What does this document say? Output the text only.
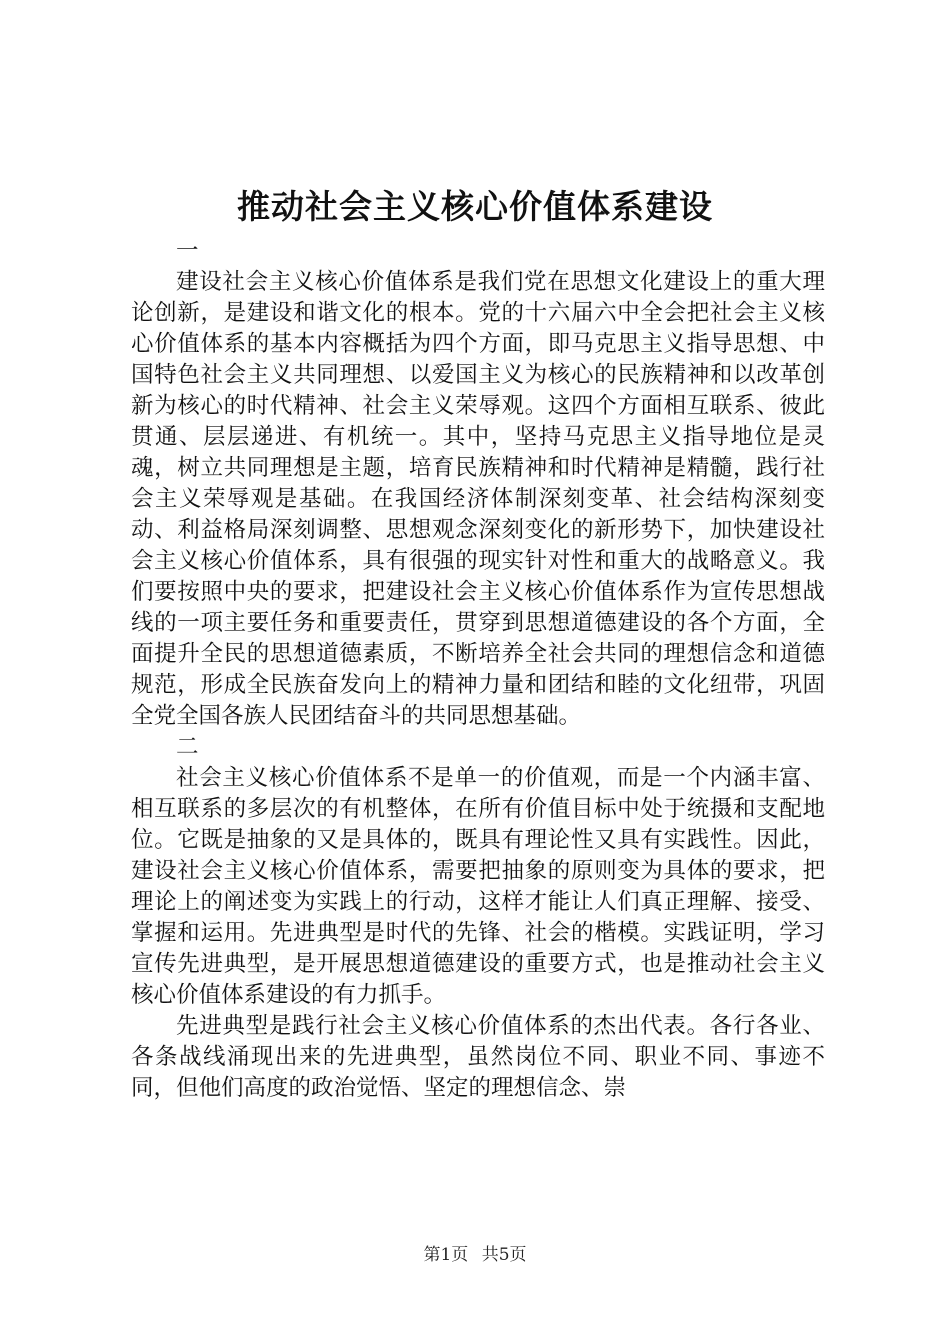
推动社会主义核心价值体系建设

一

建设社会主义核心价值体系是我们党在思想文化建设上的重大理论创新，是建设和谐文化的根本。党的十六届六中全会把社会主义核心价值体系的基本内容概括为四个方面，即马克思主义指导思想、中国特色社会主义共同理想、以爱国主义为核心的民族精神和以改革创新为核心的时代精神、社会主义荣辱观。这四个方面相互联系、彼此贯通、层层递进、有机统一。其中，坚持马克思主义指导地位是灵魂，树立共同理想是主题，培育民族精神和时代精神是精髓，践行社会主义荣辱观是基础。在我国经济体制深刻变革、社会结构深刻变动、利益格局深刻调整、思想观念深刻变化的新形势下，加快建设社会主义核心价值体系，具有很强的现实针对性和重大的战略意义。我们要按照中央的要求，把建设社会主义核心价值体系作为宣传思想战线的一项主要任务和重要责任，贯穿到思想道德建设的各个方面，全面提升全民的思想道德素质，不断培养全社会共同的理想信念和道德规范，形成全民族奋发向上的精神力量和团结和睦的文化纽带，巩固全党全国各族人民团结奋斗的共同思想基础。

二

社会主义核心价值体系不是单一的价值观，而是一个内涵丰富、相互联系的多层次的有机整体，在所有价值目标中处于统摄和支配地位。它既是抽象的又是具体的，既具有理论性又具有实践性。因此，建设社会主义核心价值体系，需要把抽象的原则变为具体的要求，把理论上的阐述变为实践上的行动，这样才能让人们真正理解、接受、掌握和运用。先进典型是时代的先锋、社会的楷模。实践证明，学习宣传先进典型，是开展思想道德建设的重要方式，也是推动社会主义核心价值体系建设的有力抓手。

先进典型是践行社会主义核心价值体系的杰出代表。各行各业、各条战线涌现出来的先进典型，虽然岗位不同、职业不同、事迹不同，但他们高度的政治觉悟、坚定的理想信念、崇

第1页 共5页
